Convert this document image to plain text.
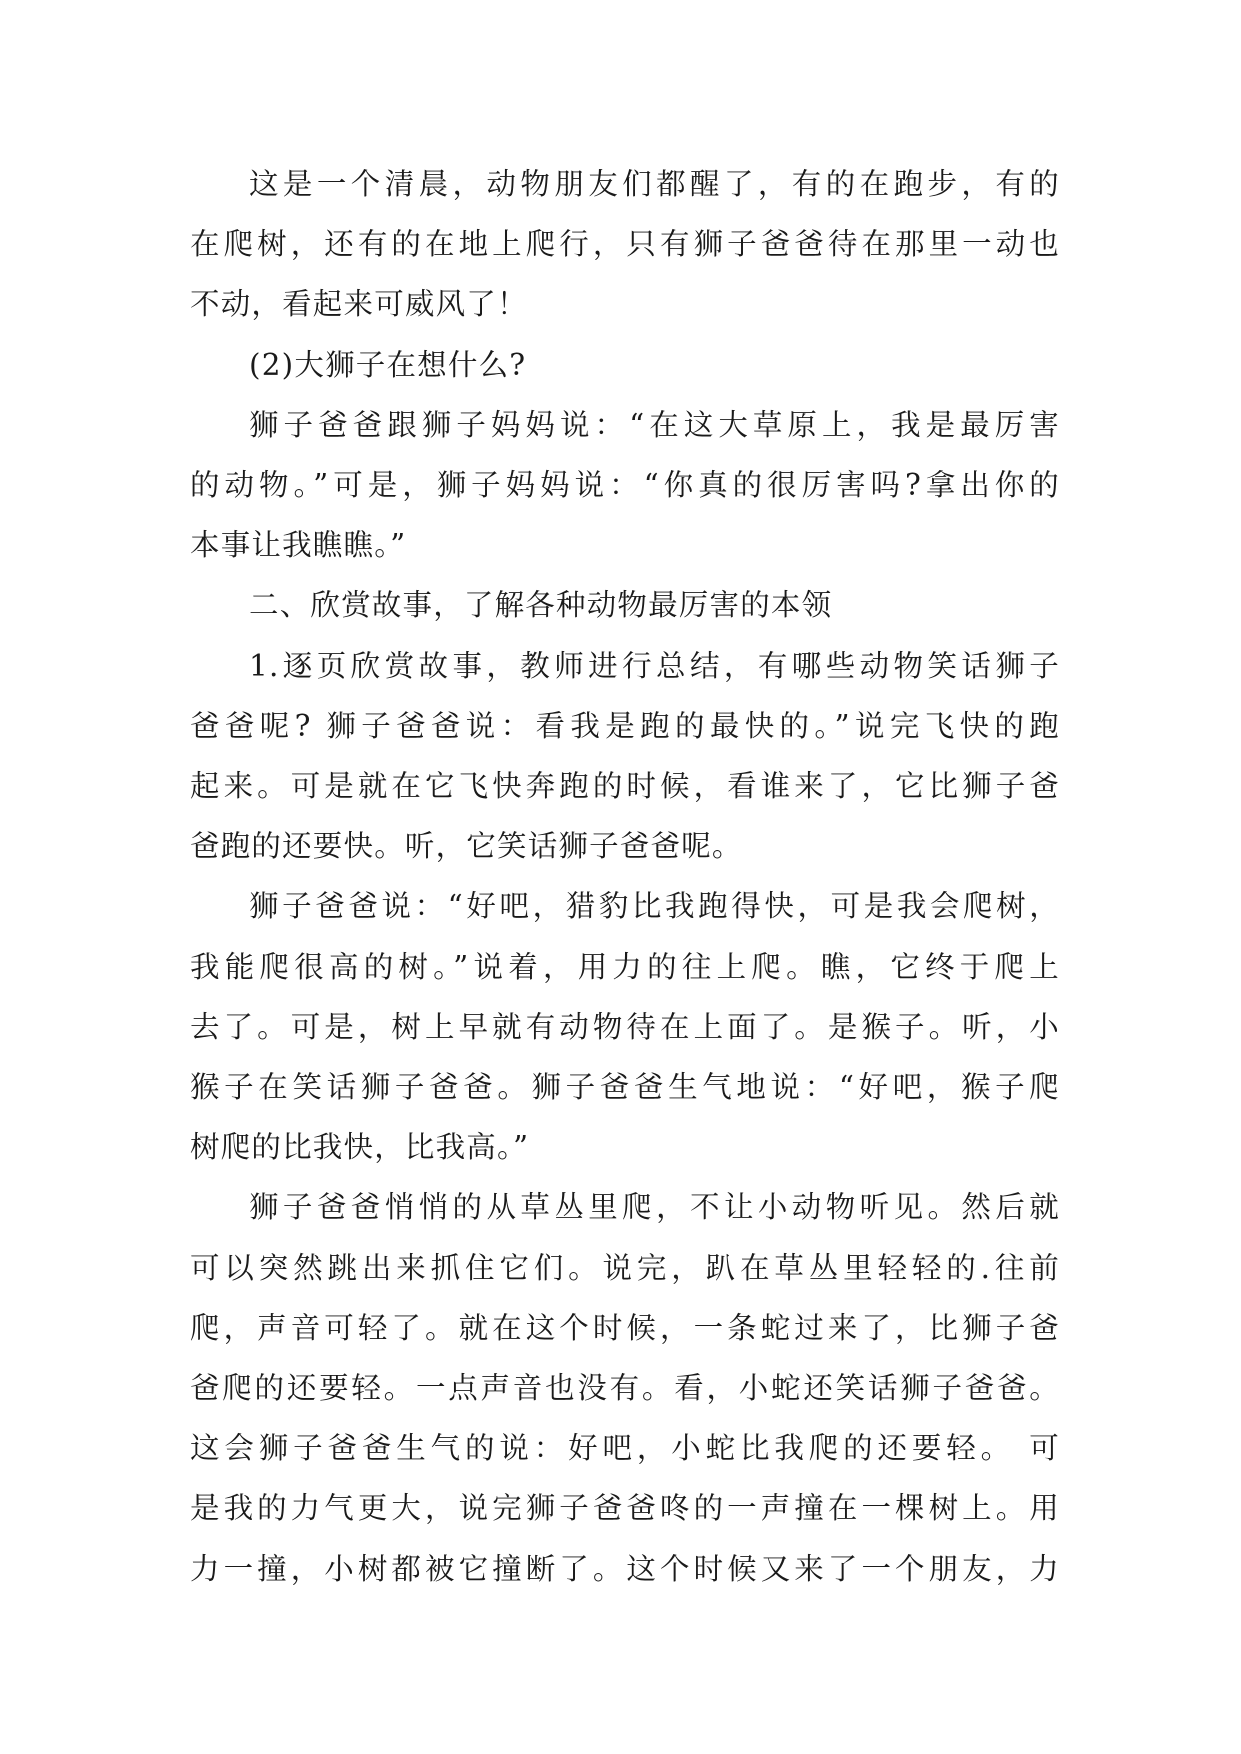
这是一个清晨，动物朋友们都醒了，有的在跑步，有的
在爬树，还有的在地上爬行，只有狮子爸爸待在那里一动也
不动，看起来可威风了！

(2)大狮子在想什么?

狮子爸爸跟狮子妈妈说：“在这大草原上，我是最厉害
的动物。”可是，狮子妈妈说：“你真的很厉害吗?拿出你的
本事让我瞧瞧。”

二、欣赏故事，了解各种动物最厉害的本领

1.逐页欣赏故事，教师进行总结，有哪些动物笑话狮子
爸爸呢? 狮子爸爸说：看我是跑的最快的。”说完飞快的跑
起来。可是就在它飞快奔跑的时候，看谁来了，它比狮子爸
爸跑的还要快。听，它笑话狮子爸爸呢。

狮子爸爸说：“好吧，猎豹比我跑得快，可是我会爬树，
我能爬很高的树。”说着，用力的往上爬。瞧，它终于爬上
去了。可是，树上早就有动物待在上面了。是猴子。听，小
猴子在笑话狮子爸爸。狮子爸爸生气地说：“好吧，猴子爬
树爬的比我快，比我高。”

狮子爸爸悄悄的从草丛里爬，不让小动物听见。然后就
可以突然跳出来抓住它们。说完，趴在草丛里轻轻的.往前
爬，声音可轻了。就在这个时候，一条蛇过来了，比狮子爸
爸爬的还要轻。一点声音也没有。看，小蛇还笑话狮子爸爸。
这会狮子爸爸生气的说：好吧，小蛇比我爬的还要轻。 可
是我的力气更大，说完狮子爸爸咚的一声撞在一棵树上。用
力一撞，小树都被它撞断了。这个时候又来了一个朋友，力
